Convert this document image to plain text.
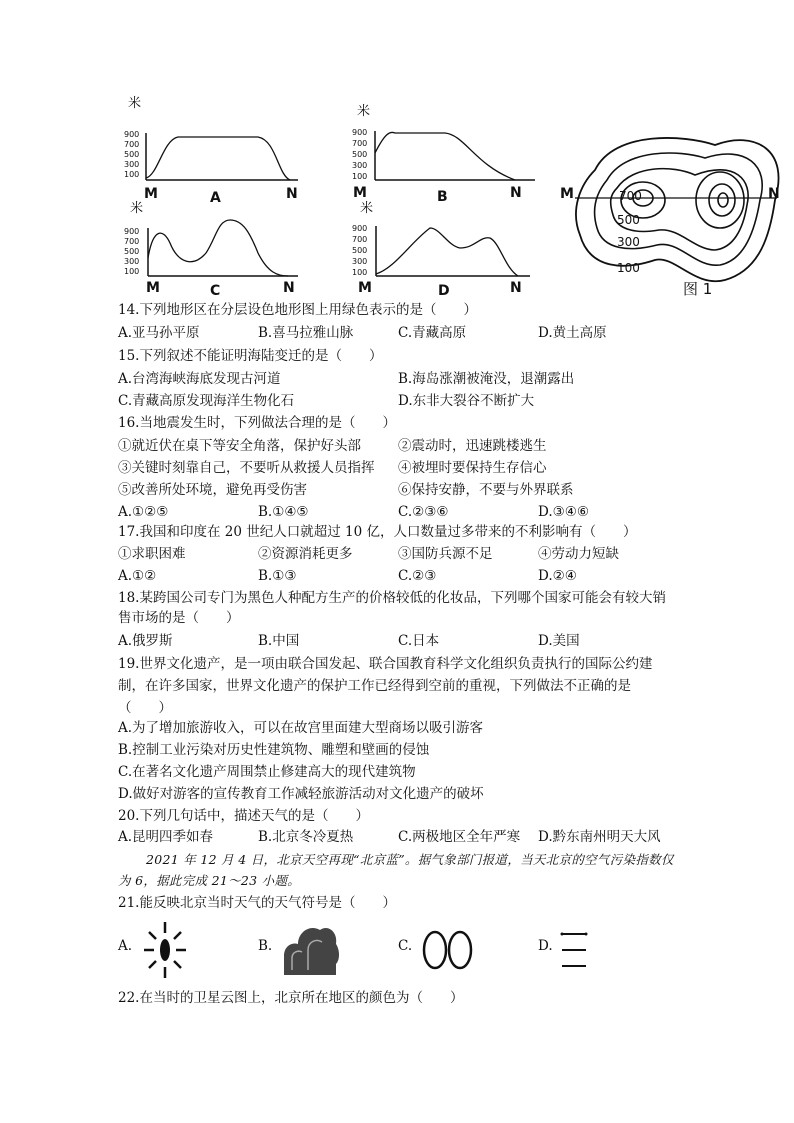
米
900
700
500
300
100
M	A	N
米
900
700
500
300
100
M	B	N
米
900
700
500
300
100
M	C	N
米
900
700
500
300
100
M	D	N
M	N
700
500
300
100
图 1
14.下列地形区在分层设色地形图上用绿色表示的是（　　）
A.亚马孙平原	B.喜马拉雅山脉	C.青藏高原	D.黄土高原
15.下列叙述不能证明海陆变迁的是（　　）
A.台湾海峡海底发现古河道	B.海岛涨潮被淹没，退潮露出
C.青藏高原发现海洋生物化石	D.东非大裂谷不断扩大
16.当地震发生时，下列做法合理的是（　　）
①就近伏在桌下等安全角落，保护好头部	②震动时，迅速跳楼逃生
③关键时刻靠自己，不要听从救援人员指挥 ④被埋时要保持生存信心
⑤改善所处环境，避免再受伤害	⑥保持安静，不要与外界联系
A.①②⑤	B.①④⑤	C.②③⑥	D.③④⑥
17.我国和印度在 20 世纪人口就超过 10 亿，人口数量过多带来的不利影响有（　　）
①求职困难	②资源消耗更多	③国防兵源不足	④劳动力短缺
A.①②	B.①③	C.②③	D.②④
18.某跨国公司专门为黑色人种配方生产的价格较低的化妆品，下列哪个国家可能会有较大销售市场的是（　　）
A.俄罗斯	B.中国	C.日本	D.美国
19.世界文化遗产，是一项由联合国发起、联合国教育科学文化组织负责执行的国际公约建制，在许多国家，世界文化遗产的保护工作已经得到空前的重视，下列做法不正确的是（　　）
A.为了增加旅游收入，可以在故宫里面建大型商场以吸引游客
B.控制工业污染对历史性建筑物、雕塑和壁画的侵蚀
C.在著名文化遗产周围禁止修建高大的现代建筑物
D.做好对游客的宣传教育工作减轻旅游活动对文化遗产的破坏
20.下列几句话中，描述天气的是（　　）
A.昆明四季如春	B.北京冬冷夏热	C.两极地区全年严寒 D.黔东南州明天大风
2021 年 12 月 4 日，北京天空再现“北京蓝”。据气象部门报道，当天北京的空气污染指数仅为 6，据此完成 21～23 小题。
21.能反映北京当时天气的天气符号是（　　）
A.	B.	C.	D.
22.在当时的卫星云图上，北京所在地区的颜色为（　　）
